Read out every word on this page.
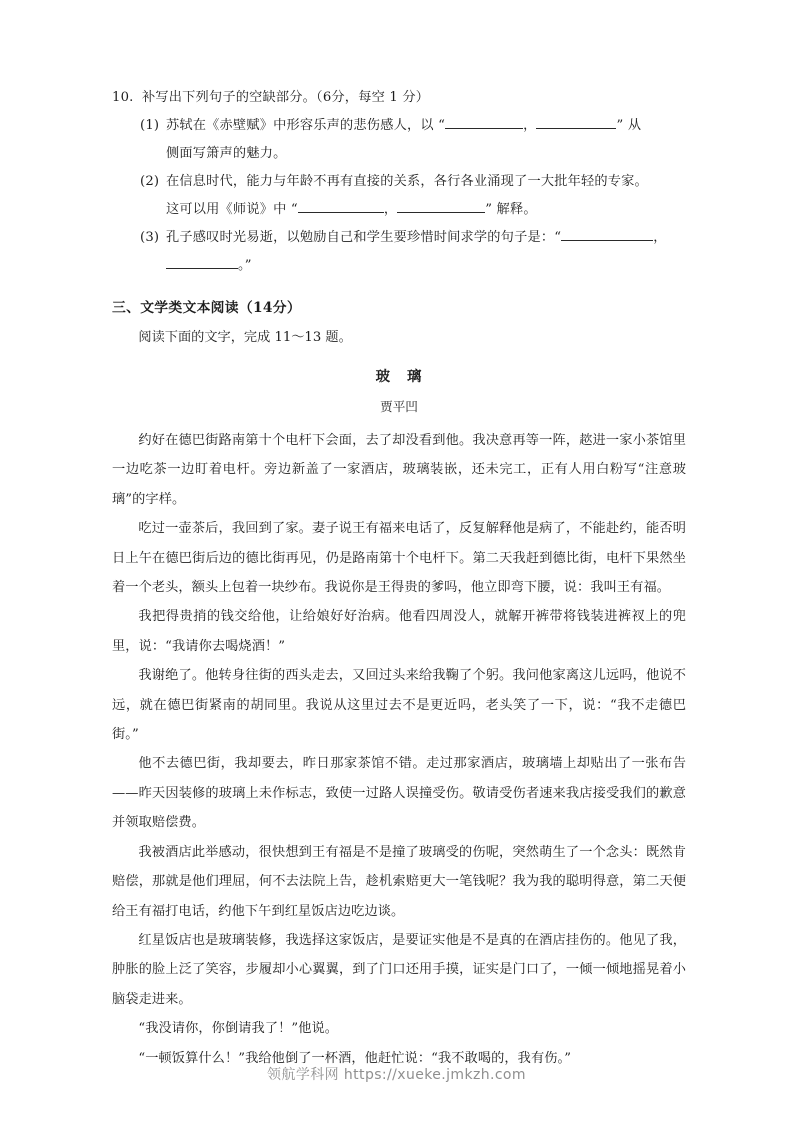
10. 补写出下列句子的空缺部分。（6分，每空 1 分）
(1) 苏轼在《赤壁赋》中形容乐声的悲伤感人，以 “	，	” 从
侧面写箫声的魅力。
(2) 在信息时代，能力与年龄不再有直接的关系，各行各业涌现了一大批年轻的专家。
这可以用《师说》中 “	，	” 解释。
(3) 孔子感叹时光易逝，以勉励自己和学生要珍惜时间求学的句子是：“	，
。”
三、文学类文本阅读（14分）
阅读下面的文字，完成 11～13 题。
玻 璃
贾平凹

约好在德巴街路南第十个电杆下会面，去了却没看到他。我决意再等一阵，趑进一家小茶馆里一边吃茶一边盯着电杆。旁边新盖了一家酒店，玻璃装嵌，还未完工，正有人用白粉写“注意玻璃”的字样。

吃过一壶茶后，我回到了家。妻子说王有福来电话了，反复解释他是病了，不能赴约，能否明日上午在德巴街后边的德比街再见，仍是路南第十个电杆下。第二天我赶到德比街，电杆下果然坐着一个老头，额头上包着一块纱布。我说你是王得贵的爹吗，他立即弯下腰，说：我叫王有福。

我把得贵捎的钱交给他，让给娘好好治病。他看四周没人，就解开裤带将钱装进裤衩上的兜里，说：“我请你去喝烧酒！”

我谢绝了。他转身往街的西头走去，又回过头来给我鞠了个躬。我问他家离这儿远吗，他说不远，就在德巴街紧南的胡同里。我说从这里过去不是更近吗，老头笑了一下，说：“我不走德巴街。”

他不去德巴街，我却要去，昨日那家茶馆不错。走过那家酒店，玻璃墙上却贴出了一张布告——昨天因装修的玻璃上未作标志，致使一过路人误撞受伤。敬请受伤者速来我店接受我们的歉意并领取赔偿费。

我被酒店此举感动，很快想到王有福是不是撞了玻璃受的伤呢，突然萌生了一个念头：既然肯赔偿，那就是他们理屈，何不去法院上告，趁机索赔更大一笔钱呢？我为我的聪明得意，第二天便给王有福打电话，约他下午到红星饭店边吃边谈。

红星饭店也是玻璃装修，我选择这家饭店，是要证实他是不是真的在酒店挂伤的。他见了我，肿胀的脸上泛了笑容，步履却小心翼翼，到了门口还用手摸，证实是门口了，一倾一倾地摇晃着小脑袋走进来。

“我没请你，你倒请我了！”他说。

“一顿饭算什么！”我给他倒了一杯酒，他赶忙说：“我不敢喝的，我有伤。”

领航学科网 https://xueke.jmkzh.com
